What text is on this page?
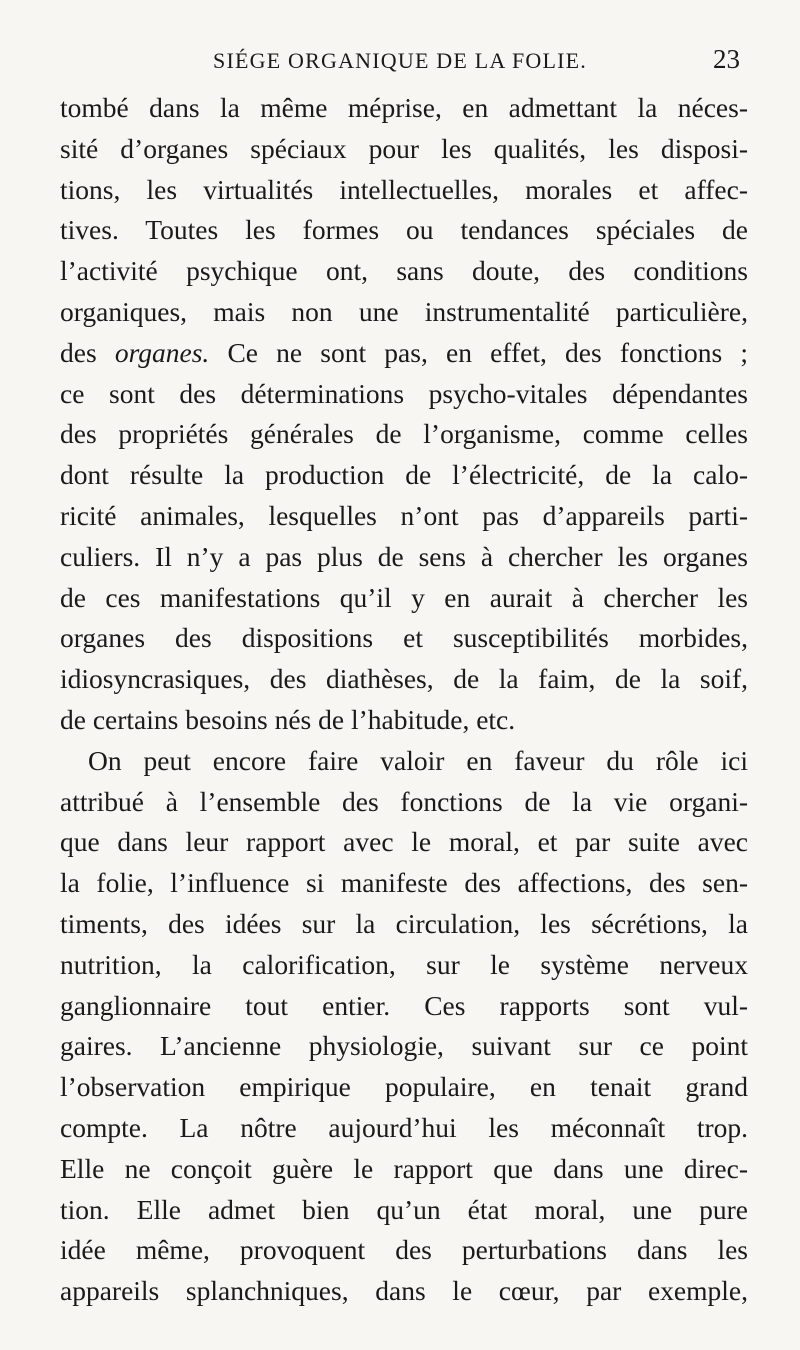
SIÉGE ORGANIQUE DE LA FOLIE.	23
tombé dans la même méprise, en admettant la néces-
sité d’organes spéciaux pour les qualités, les disposi-
tions, les virtualités intellectuelles, morales et affec-
tives. Toutes les formes ou tendances spéciales de
l’activité psychique ont, sans doute, des conditions
organiques, mais non une instrumentalité particulière,
des organes. Ce ne sont pas, en effet, des fonctions ;
ce sont des déterminations psycho-vitales dépendantes
des propriétés générales de l’organisme, comme celles
dont résulte la production de l’électricité, de la calo-
ricité animales, lesquelles n’ont pas d’appareils parti-
culiers. Il n’y a pas plus de sens à chercher les organes
de ces manifestations qu’il y en aurait à chercher les
organes des dispositions et susceptibilités morbides,
idiosyncrasiques, des diathèses, de la faim, de la soif,
de certains besoins nés de l’habitude, etc.
On peut encore faire valoir en faveur du rôle ici
attribué à l’ensemble des fonctions de la vie organi-
que dans leur rapport avec le moral, et par suite avec
la folie, l’influence si manifeste des affections, des sen-
timents, des idées sur la circulation, les sécrétions, la
nutrition, la calorification, sur le système nerveux
ganglionnaire tout entier. Ces rapports sont vul-
gaires. L’ancienne physiologie, suivant sur ce point
l’observation empirique populaire, en tenait grand
compte. La nôtre aujourd’hui les méconnaît trop.
Elle ne conçoit guère le rapport que dans une direc-
tion. Elle admet bien qu’un état moral, une pure
idée même, provoquent des perturbations dans les
appareils splanchniques, dans le cœur, par exemple,
